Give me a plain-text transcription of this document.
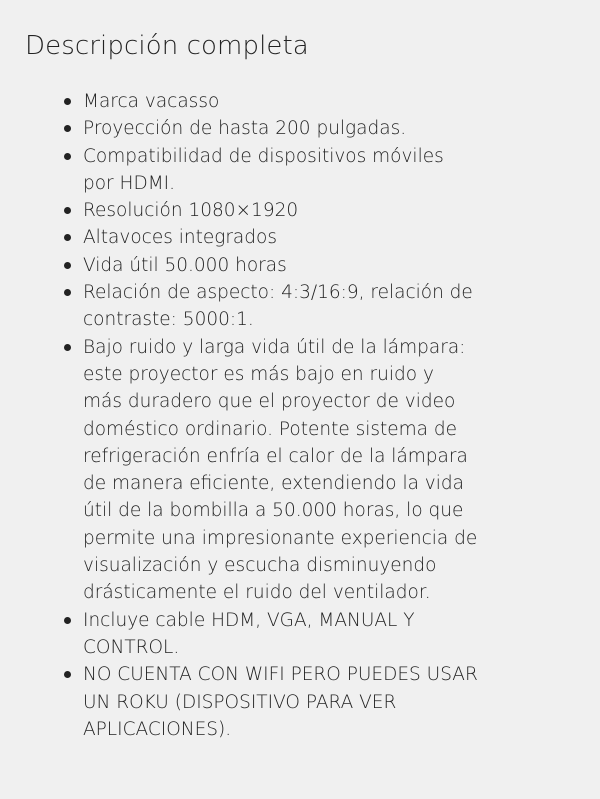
Descripción completa
Marca vacasso
Proyección de hasta 200 pulgadas.
Compatibilidad de dispositivos móviles por HDMI.
Resolución 1080×1920
Altavoces integrados
Vida útil 50.000 horas
Relación de aspecto: 4:3/16:9, relación de contraste: 5000:1.
Bajo ruido y larga vida útil de la lámpara: este proyector es más bajo en ruido y más duradero que el proyector de video doméstico ordinario. Potente sistema de refrigeración enfría el calor de la lámpara de manera eficiente, extendiendo la vida útil de la bombilla a 50.000 horas, lo que permite una impresionante experiencia de visualización y escucha disminuyendo drásticamente el ruido del ventilador.
Incluye cable HDM, VGA, MANUAL Y CONTROL.
NO CUENTA CON WIFI PERO PUEDES USAR UN ROKU (DISPOSITIVO PARA VER APLICACIONES).
